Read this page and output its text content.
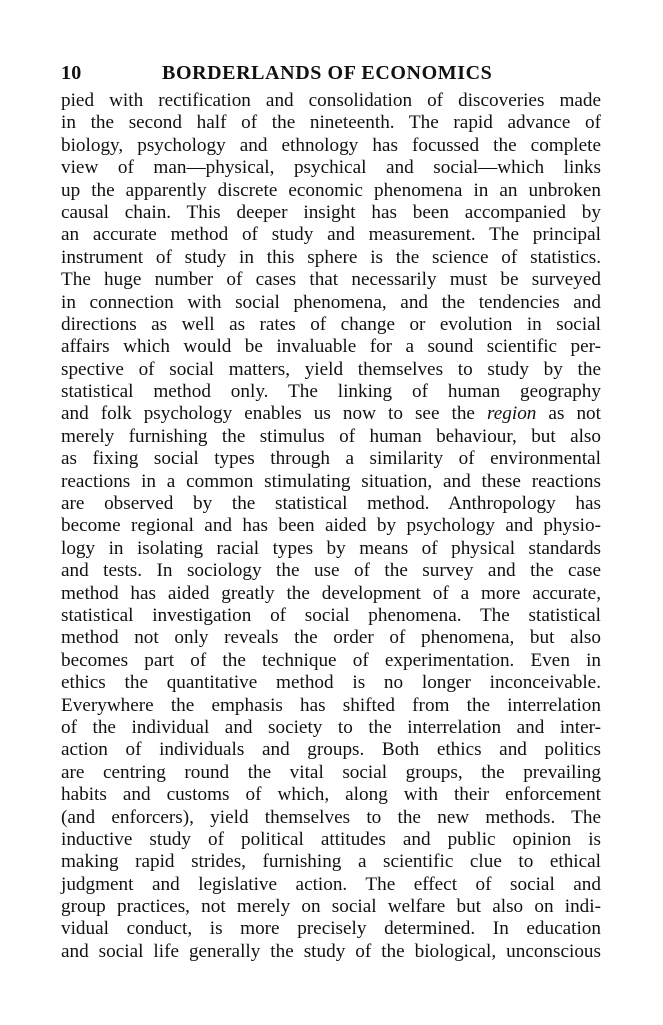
10	BORDERLANDS OF ECONOMICS
pied with rectification and consolidation of discoveries made
in the second half of the nineteenth. The rapid advance of
biology, psychology and ethnology has focussed the complete
view of man—physical, psychical and social—which links
up the apparently discrete economic phenomena in an unbroken
causal chain. This deeper insight has been accompanied by
an accurate method of study and measurement. The principal
instrument of study in this sphere is the science of statistics.
The huge number of cases that necessarily must be surveyed
in connection with social phenomena, and the tendencies and
directions as well as rates of change or evolution in social
affairs which would be invaluable for a sound scientific per-
spective of social matters, yield themselves to study by the
statistical method only. The linking of human geography
and folk psychology enables us now to see the region as not
merely furnishing the stimulus of human behaviour, but also
as fixing social types through a similarity of environmental
reactions in a common stimulating situation, and these reactions
are observed by the statistical method. Anthropology has
become regional and has been aided by psychology and physio-
logy in isolating racial types by means of physical standards
and tests. In sociology the use of the survey and the case
method has aided greatly the development of a more accurate,
statistical investigation of social phenomena. The statistical
method not only reveals the order of phenomena, but also
becomes part of the technique of experimentation. Even in
ethics the quantitative method is no longer inconceivable.
Everywhere the emphasis has shifted from the interrelation
of the individual and society to the interrelation and inter-
action of individuals and groups. Both ethics and politics
are centring round the vital social groups, the prevailing
habits and customs of which, along with their enforcement
(and enforcers), yield themselves to the new methods. The
inductive study of political attitudes and public opinion is
making rapid strides, furnishing a scientific clue to ethical
judgment and legislative action. The effect of social and
group practices, not merely on social welfare but also on indi-
vidual conduct, is more precisely determined. In education
and social life generally the study of the biological, unconscious
